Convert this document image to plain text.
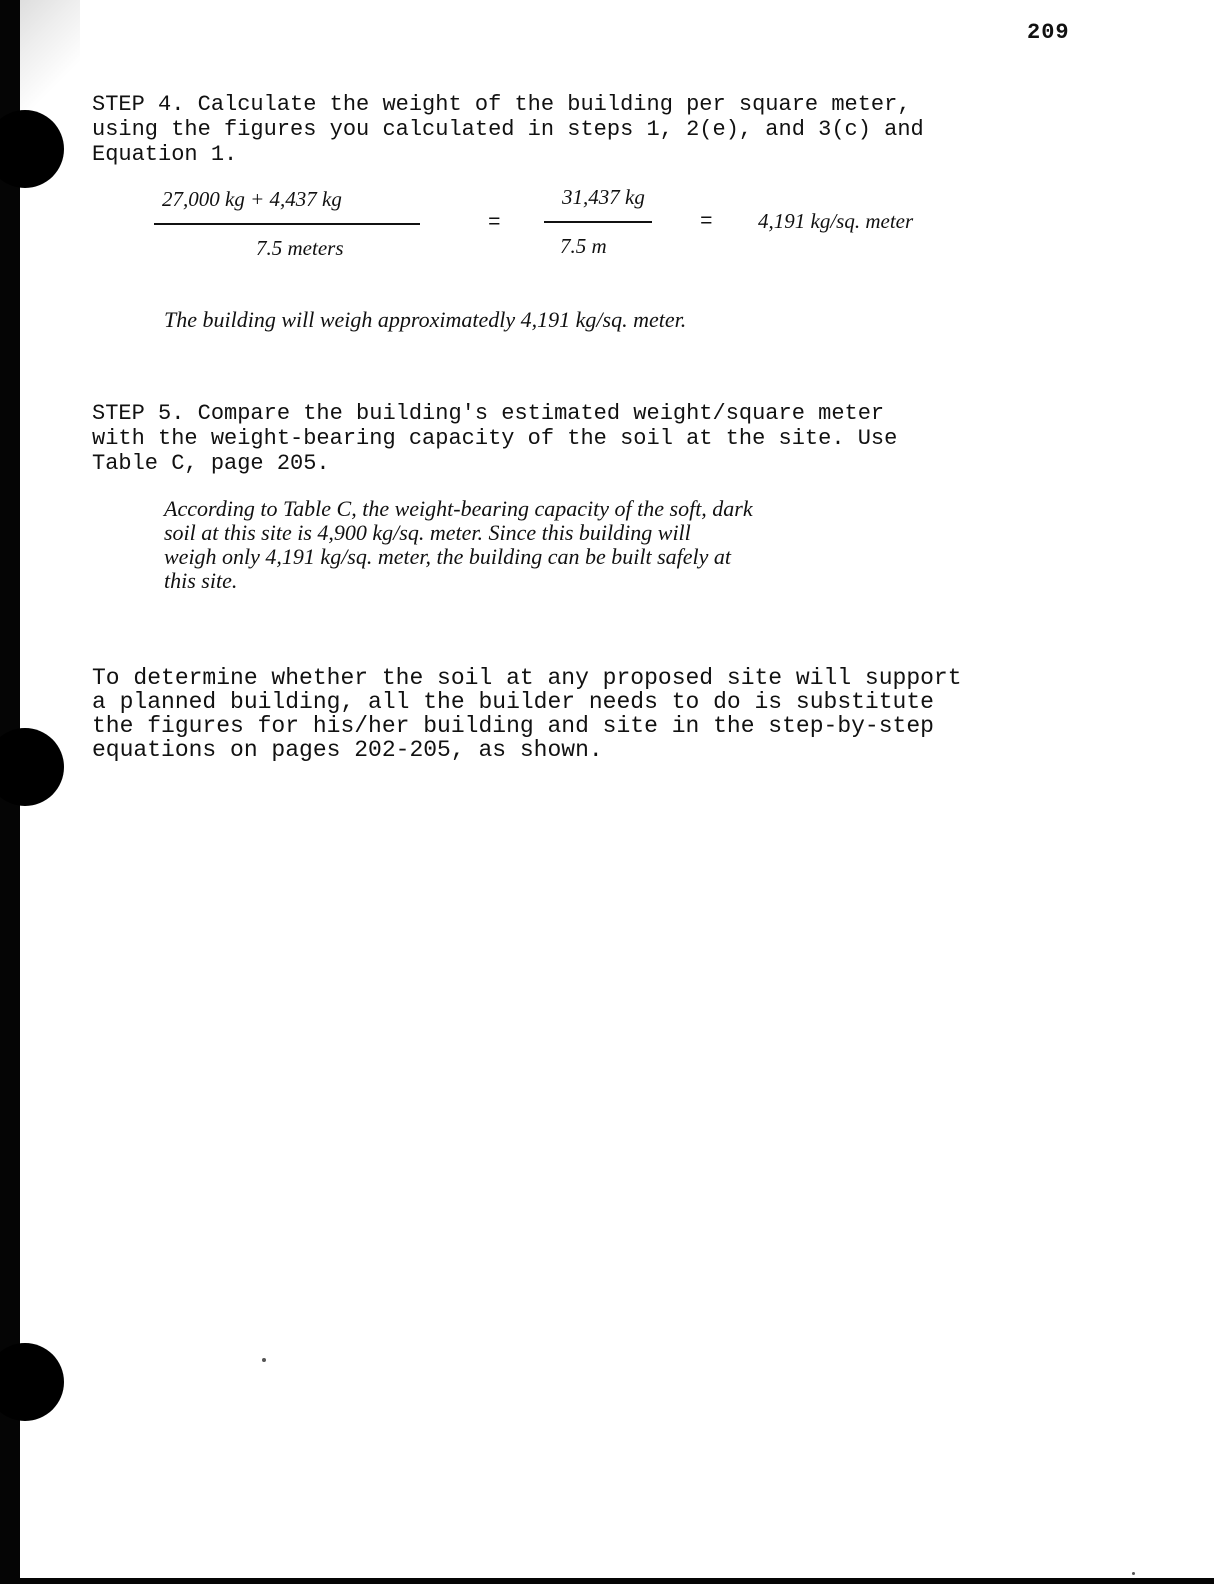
209
STEP 4. Calculate the weight of the building per square meter,
using the figures you calculated in steps 1, 2(e), and 3(c) and
Equation 1.
27,000 kg + 4,437 kg
7.5 meters
=
31,437 kg
7.5 m
= 4,191 kg/sq. meter
The building will weigh approximatedly 4,191 kg/sq. meter.
STEP 5. Compare the building's estimated weight/square meter
with the weight-bearing capacity of the soil at the site. Use
Table C, page 205.
According to Table C, the weight-bearing capacity of the soft, dark
soil at this site is 4,900 kg/sq. meter. Since this building will
weigh only 4,191 kg/sq. meter, the building can be built safely at
this site.
To determine whether the soil at any proposed site will support
a planned building, all the builder needs to do is substitute
the figures for his/her building and site in the step-by-step
equations on pages 202-205, as shown.
